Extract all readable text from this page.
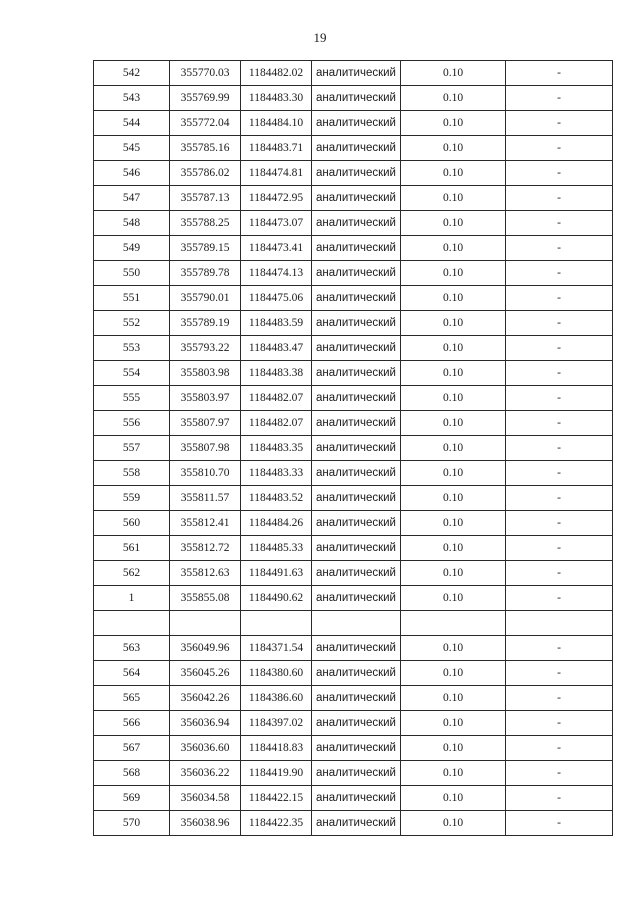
19
542	355770.03	1184482.02	аналитический	0.10	-
543	355769.99	1184483.30	аналитический	0.10	-
544	355772.04	1184484.10	аналитический	0.10	-
545	355785.16	1184483.71	аналитический	0.10	-
546	355786.02	1184474.81	аналитический	0.10	-
547	355787.13	1184472.95	аналитический	0.10	-
548	355788.25	1184473.07	аналитический	0.10	-
549	355789.15	1184473.41	аналитический	0.10	-
550	355789.78	1184474.13	аналитический	0.10	-
551	355790.01	1184475.06	аналитический	0.10	-
552	355789.19	1184483.59	аналитический	0.10	-
553	355793.22	1184483.47	аналитический	0.10	-
554	355803.98	1184483.38	аналитический	0.10	-
555	355803.97	1184482.07	аналитический	0.10	-
556	355807.97	1184482.07	аналитический	0.10	-
557	355807.98	1184483.35	аналитический	0.10	-
558	355810.70	1184483.33	аналитический	0.10	-
559	355811.57	1184483.52	аналитический	0.10	-
560	355812.41	1184484.26	аналитический	0.10	-
561	355812.72	1184485.33	аналитический	0.10	-
562	355812.63	1184491.63	аналитический	0.10	-
1	355855.08	1184490.62	аналитический	0.10	-

563	356049.96	1184371.54	аналитический	0.10	-
564	356045.26	1184380.60	аналитический	0.10	-
565	356042.26	1184386.60	аналитический	0.10	-
566	356036.94	1184397.02	аналитический	0.10	-
567	356036.60	1184418.83	аналитический	0.10	-
568	356036.22	1184419.90	аналитический	0.10	-
569	356034.58	1184422.15	аналитический	0.10	-
570	356038.96	1184422.35	аналитический	0.10	-
